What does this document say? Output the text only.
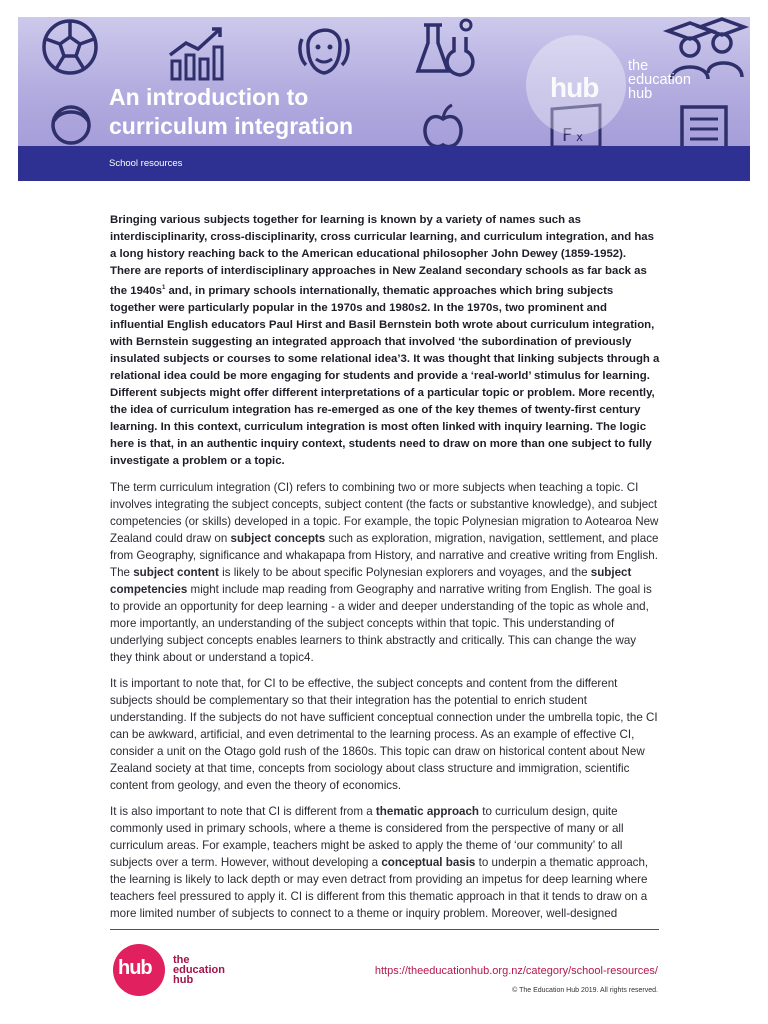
F x
hub
the
education
hub
An introduction to
curriculum integration
School resources

Bringing various subjects together for learning is known by a variety of names such as interdisciplinarity, cross-disciplinarity, cross curricular learning, and curriculum integration, and has a long history reaching back to the American educational philosopher John Dewey (1859-1952). There are reports of interdisciplinary approaches in New Zealand secondary schools as far back as the $1940s^1$ and, in primary schools internationally, thematic approaches which bring subjects together were particularly popular in the 1970s and 1980s2. In the 1970s, two prominent and influential English educators Paul Hirst and Basil Bernstein both wrote about curriculum integration, with Bernstein suggesting an integrated approach that involved ‘the subordination of previously insulated subjects or courses to some relational idea’3. It was thought that linking subjects through a relational idea could be more engaging for students and provide a ‘real-world’ stimulus for learning. Different subjects might offer different interpretations of a particular topic or problem. More recently, the idea of curriculum integration has re-emerged as one of the key themes of twenty-first century learning. In this context, curriculum integration is most often linked with inquiry learning. The logic here is that, in an authentic inquiry context, students need to draw on more than one subject to fully investigate a problem or a topic.

The term curriculum integration (CI) refers to combining two or more subjects when teaching a topic. CI involves integrating the subject concepts, subject content (the facts or substantive knowledge), and subject competencies (or skills) developed in a topic. For example, the topic Polynesian migration to Aotearoa New Zealand could draw on subject concepts such as exploration, migration, navigation, settlement, and place from Geography, significance and whakapapa from History, and narrative and creative writing from English. The subject content is likely to be about specific Polynesian explorers and voyages, and the subject competencies might include map reading from Geography and narrative writing from English. The goal is to provide an opportunity for deep learning - a wider and deeper understanding of the topic as whole and, more importantly, an understanding of the subject concepts within that topic. This understanding of underlying subject concepts enables learners to think abstractly and critically. This can change the way they think about or understand a topic4.

It is important to note that, for CI to be effective, the subject concepts and content from the different subjects should be complementary so that their integration has the potential to enrich student understanding. If the subjects do not have sufficient conceptual connection under the umbrella topic, the CI can be awkward, artificial, and even detrimental to the learning process. As an example of effective CI, consider a unit on the Otago gold rush of the 1860s. This topic can draw on historical content about New Zealand society at that time, concepts from sociology about class structure and immigration, scientific content from geology, and even the theory of economics.

It is also important to note that CI is different from a thematic approach to curriculum design, quite commonly used in primary schools, where a theme is considered from the perspective of many or all curriculum areas. For example, teachers might be asked to apply the theme of ‘our community’ to all subjects over a term. However, without developing a conceptual basis to underpin a thematic approach, the learning is likely to lack depth or may even detract from providing an impetus for deep learning where teachers feel pressured to apply it. CI is different from this thematic approach in that it tends to draw on a more limited number of subjects to connect to a theme or inquiry problem. Moreover, well-designed

hub the
education
hub
https://theeducationhub.org.nz/category/school-resources/
© The Education Hub 2019. All rights reserved.
